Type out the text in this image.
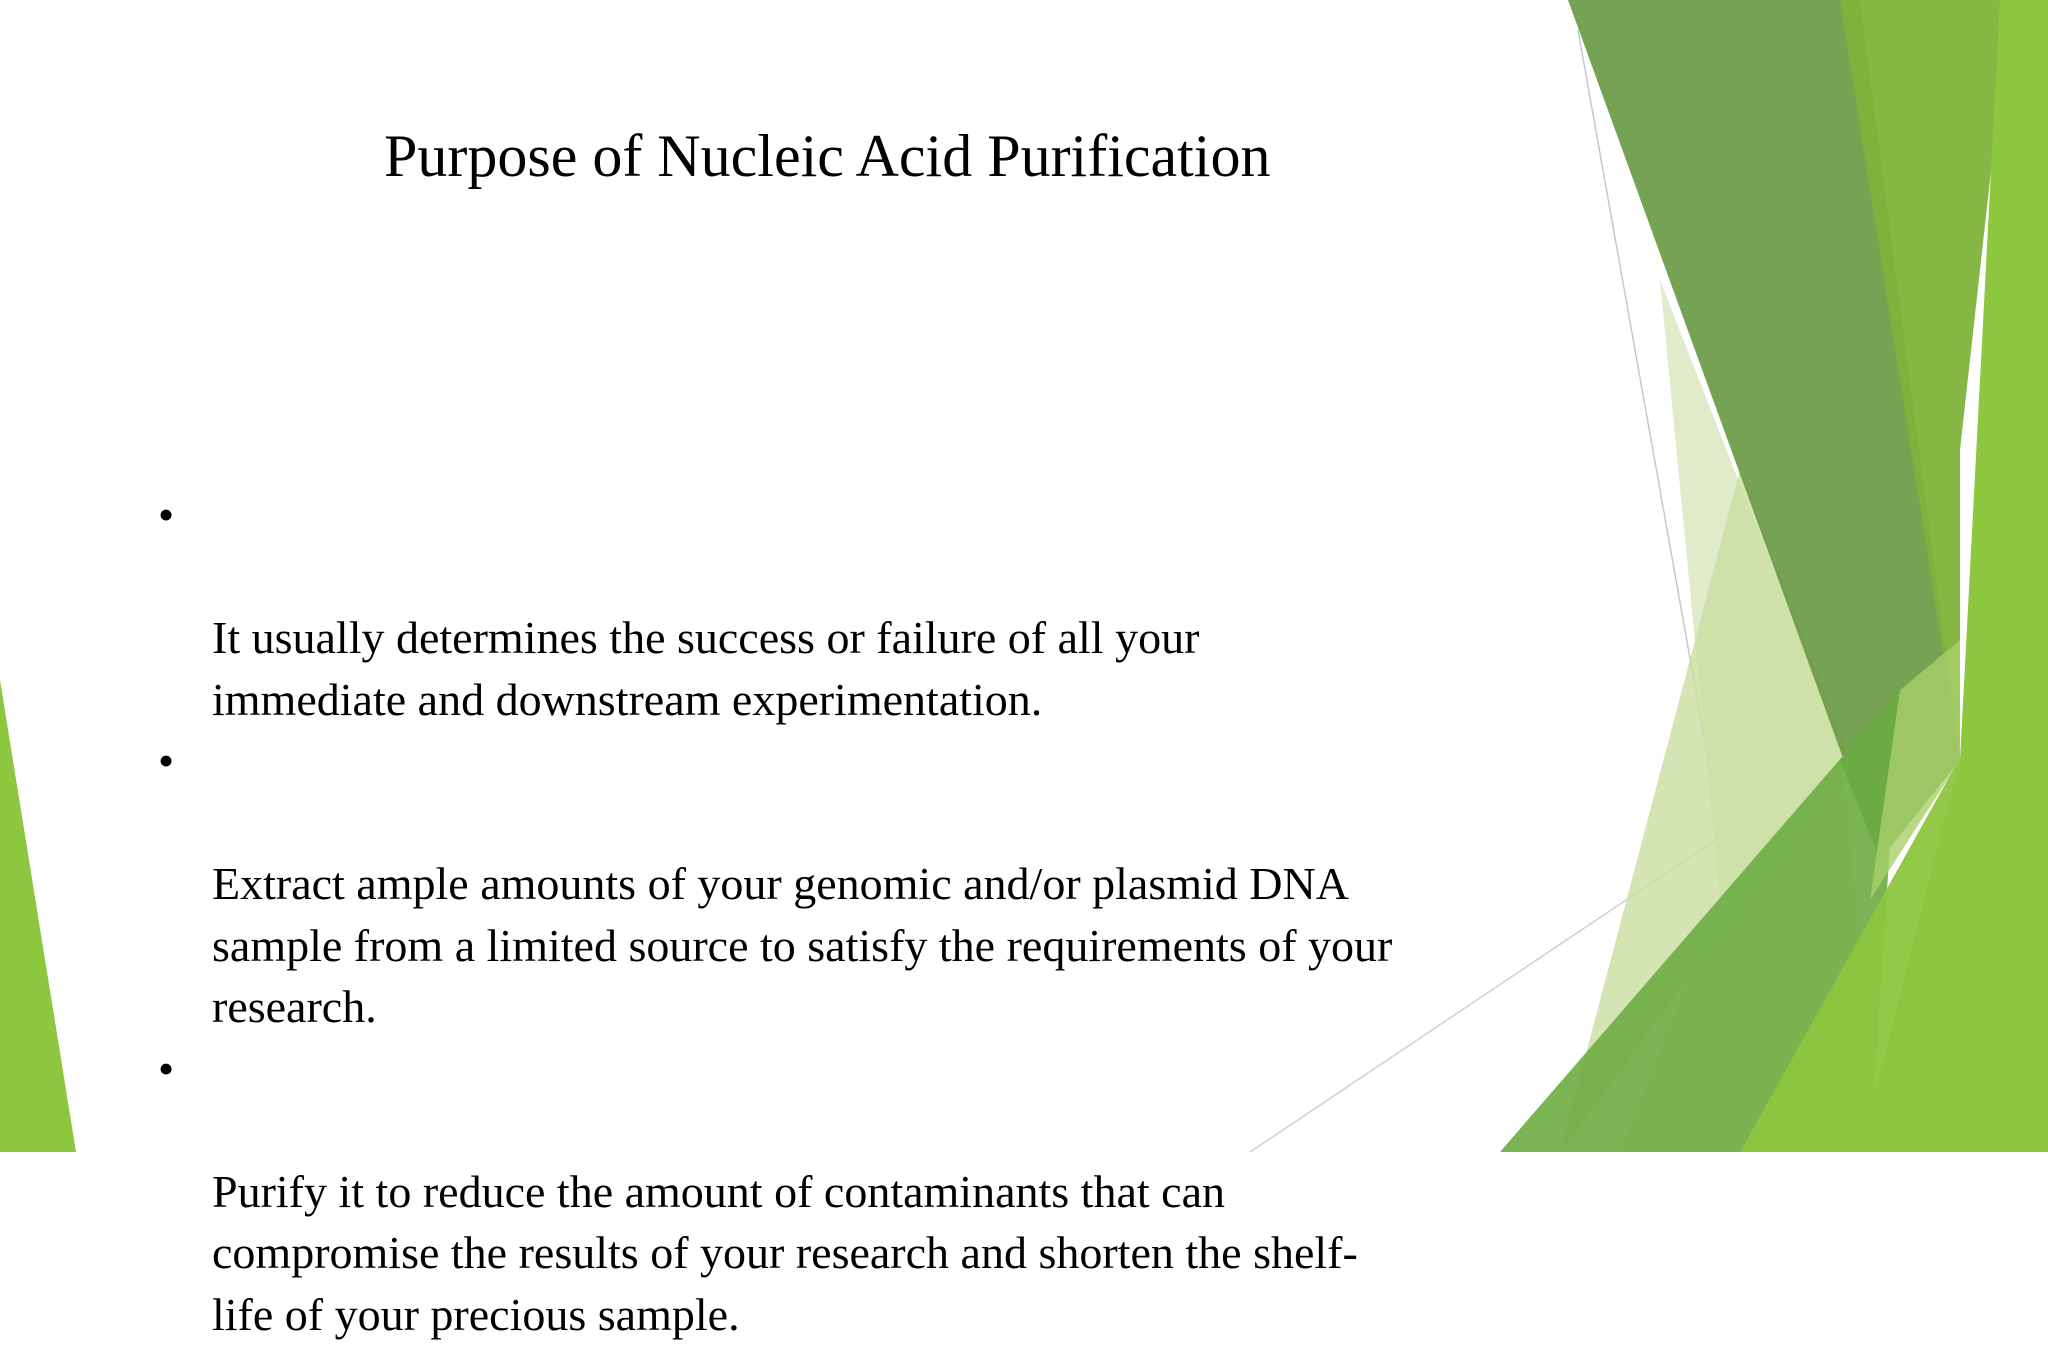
Purpose of Nucleic Acid Purification

•

It usually determines the success or failure of all your
immediate and downstream experimentation.

•

Extract ample amounts of your genomic and/or plasmid DNA
sample from a limited source to satisfy the requirements of your
research.

•

Purify it to reduce the amount of contaminants that can
compromise the results of your research and shorten the shelf-
life of your precious sample.
